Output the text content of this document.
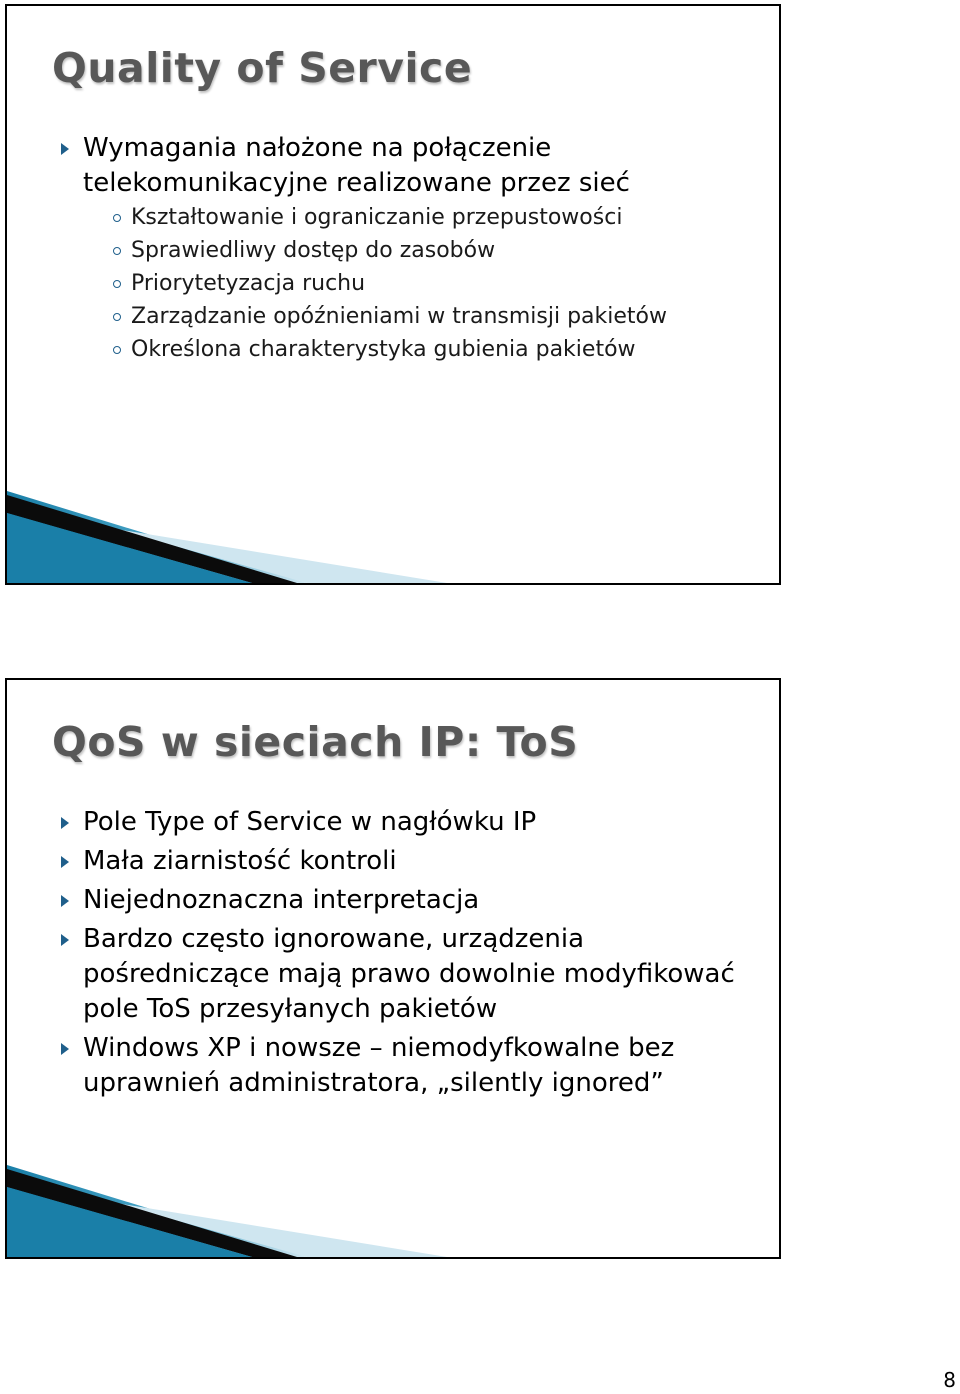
Quality of Service
Wymagania nałożone na połączenie telekomunikacyjne realizowane przez sieć
Kształtowanie i ograniczanie przepustowości
Sprawiedliwy dostęp do zasobów
Priorytetyzacja ruchu
Zarządzanie opóźnieniami w transmisji pakietów
Określona charakterystyka gubienia pakietów
QoS w sieciach IP: ToS
Pole Type of Service w nagłówku IP
Mała ziarnistość kontroli
Niejednoznaczna interpretacja
Bardzo często ignorowane, urządzenia pośredniczące mają prawo dowolnie modyfikować pole ToS przesyłanych pakietów
Windows XP i nowsze – niemodyfkowalne bez uprawnień administratora, „silently ignored”
8
